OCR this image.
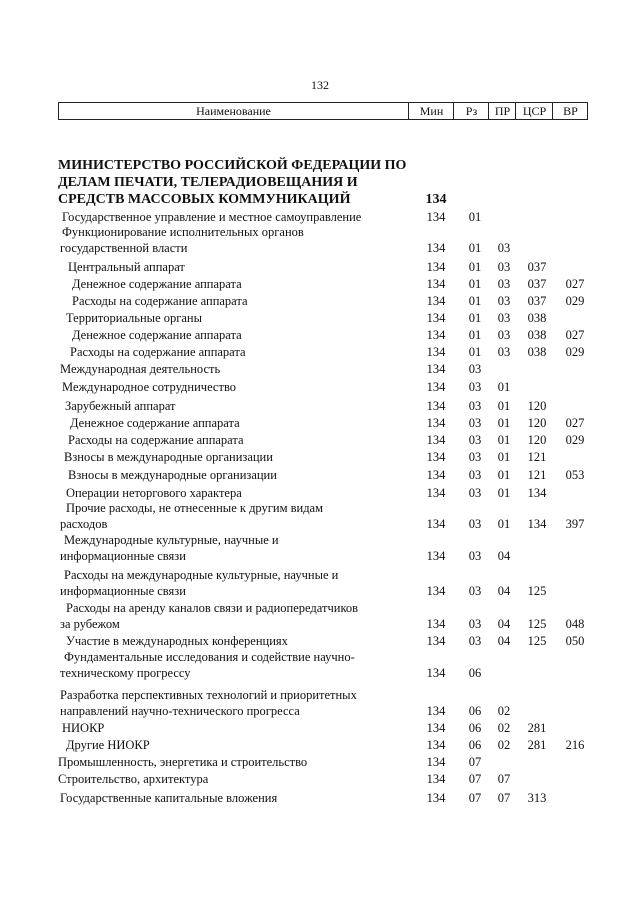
132
Наименование	Мин	Рз	ПР	ЦСР	ВР
МИНИСТЕРСТВО РОССИЙСКОЙ ФЕДЕРАЦИИ ПО
ДЕЛАМ ПЕЧАТИ, ТЕЛЕРАДИОВЕЩАНИЯ И
СРЕДСТВ МАССОВЫХ КОММУНИКАЦИЙ	134
Государственное управление и местное самоуправление	134	01
Функционирование исполнительных органов
государственной власти	134	01	03
Центральный аппарат	134	01	03	037
Денежное содержание аппарата	134	01	03	037	027
Расходы на содержание аппарата	134	01	03	037	029
Территориальные органы	134	01	03	038
Денежное содержание аппарата	134	01	03	038	027
Расходы на содержание аппарата	134	01	03	038	029
Международная деятельность	134	03
Международное сотрудничество	134	03	01
Зарубежный аппарат	134	03	01	120
Денежное содержание аппарата	134	03	01	120	027
Расходы на содержание аппарата	134	03	01	120	029
Взносы в международные организации	134	03	01	121
Взносы в международные организации	134	03	01	121	053
Операции неторгового характера	134	03	01	134
Прочие расходы, не отнесенные к другим видам
расходов	134	03	01	134	397
Международные культурные, научные и
информационные связи	134	03	04
Расходы на международные культурные, научные и
информационные связи	134	03	04	125
Расходы на аренду каналов связи и радиопередатчиков
за рубежом	134	03	04	125	048
Участие в международных конференциях	134	03	04	125	050
Фундаментальные исследования и содействие научно-
техническому прогрессу	134	06
Разработка перспективных технологий и приоритетных
направлений научно-технического прогресса	134	06	02
НИОКР	134	06	02	281
Другие НИОКР	134	06	02	281	216
Промышленность, энергетика и строительство	134	07
Строительство, архитектура	134	07	07
Государственные капитальные вложения	134	07	07	313
